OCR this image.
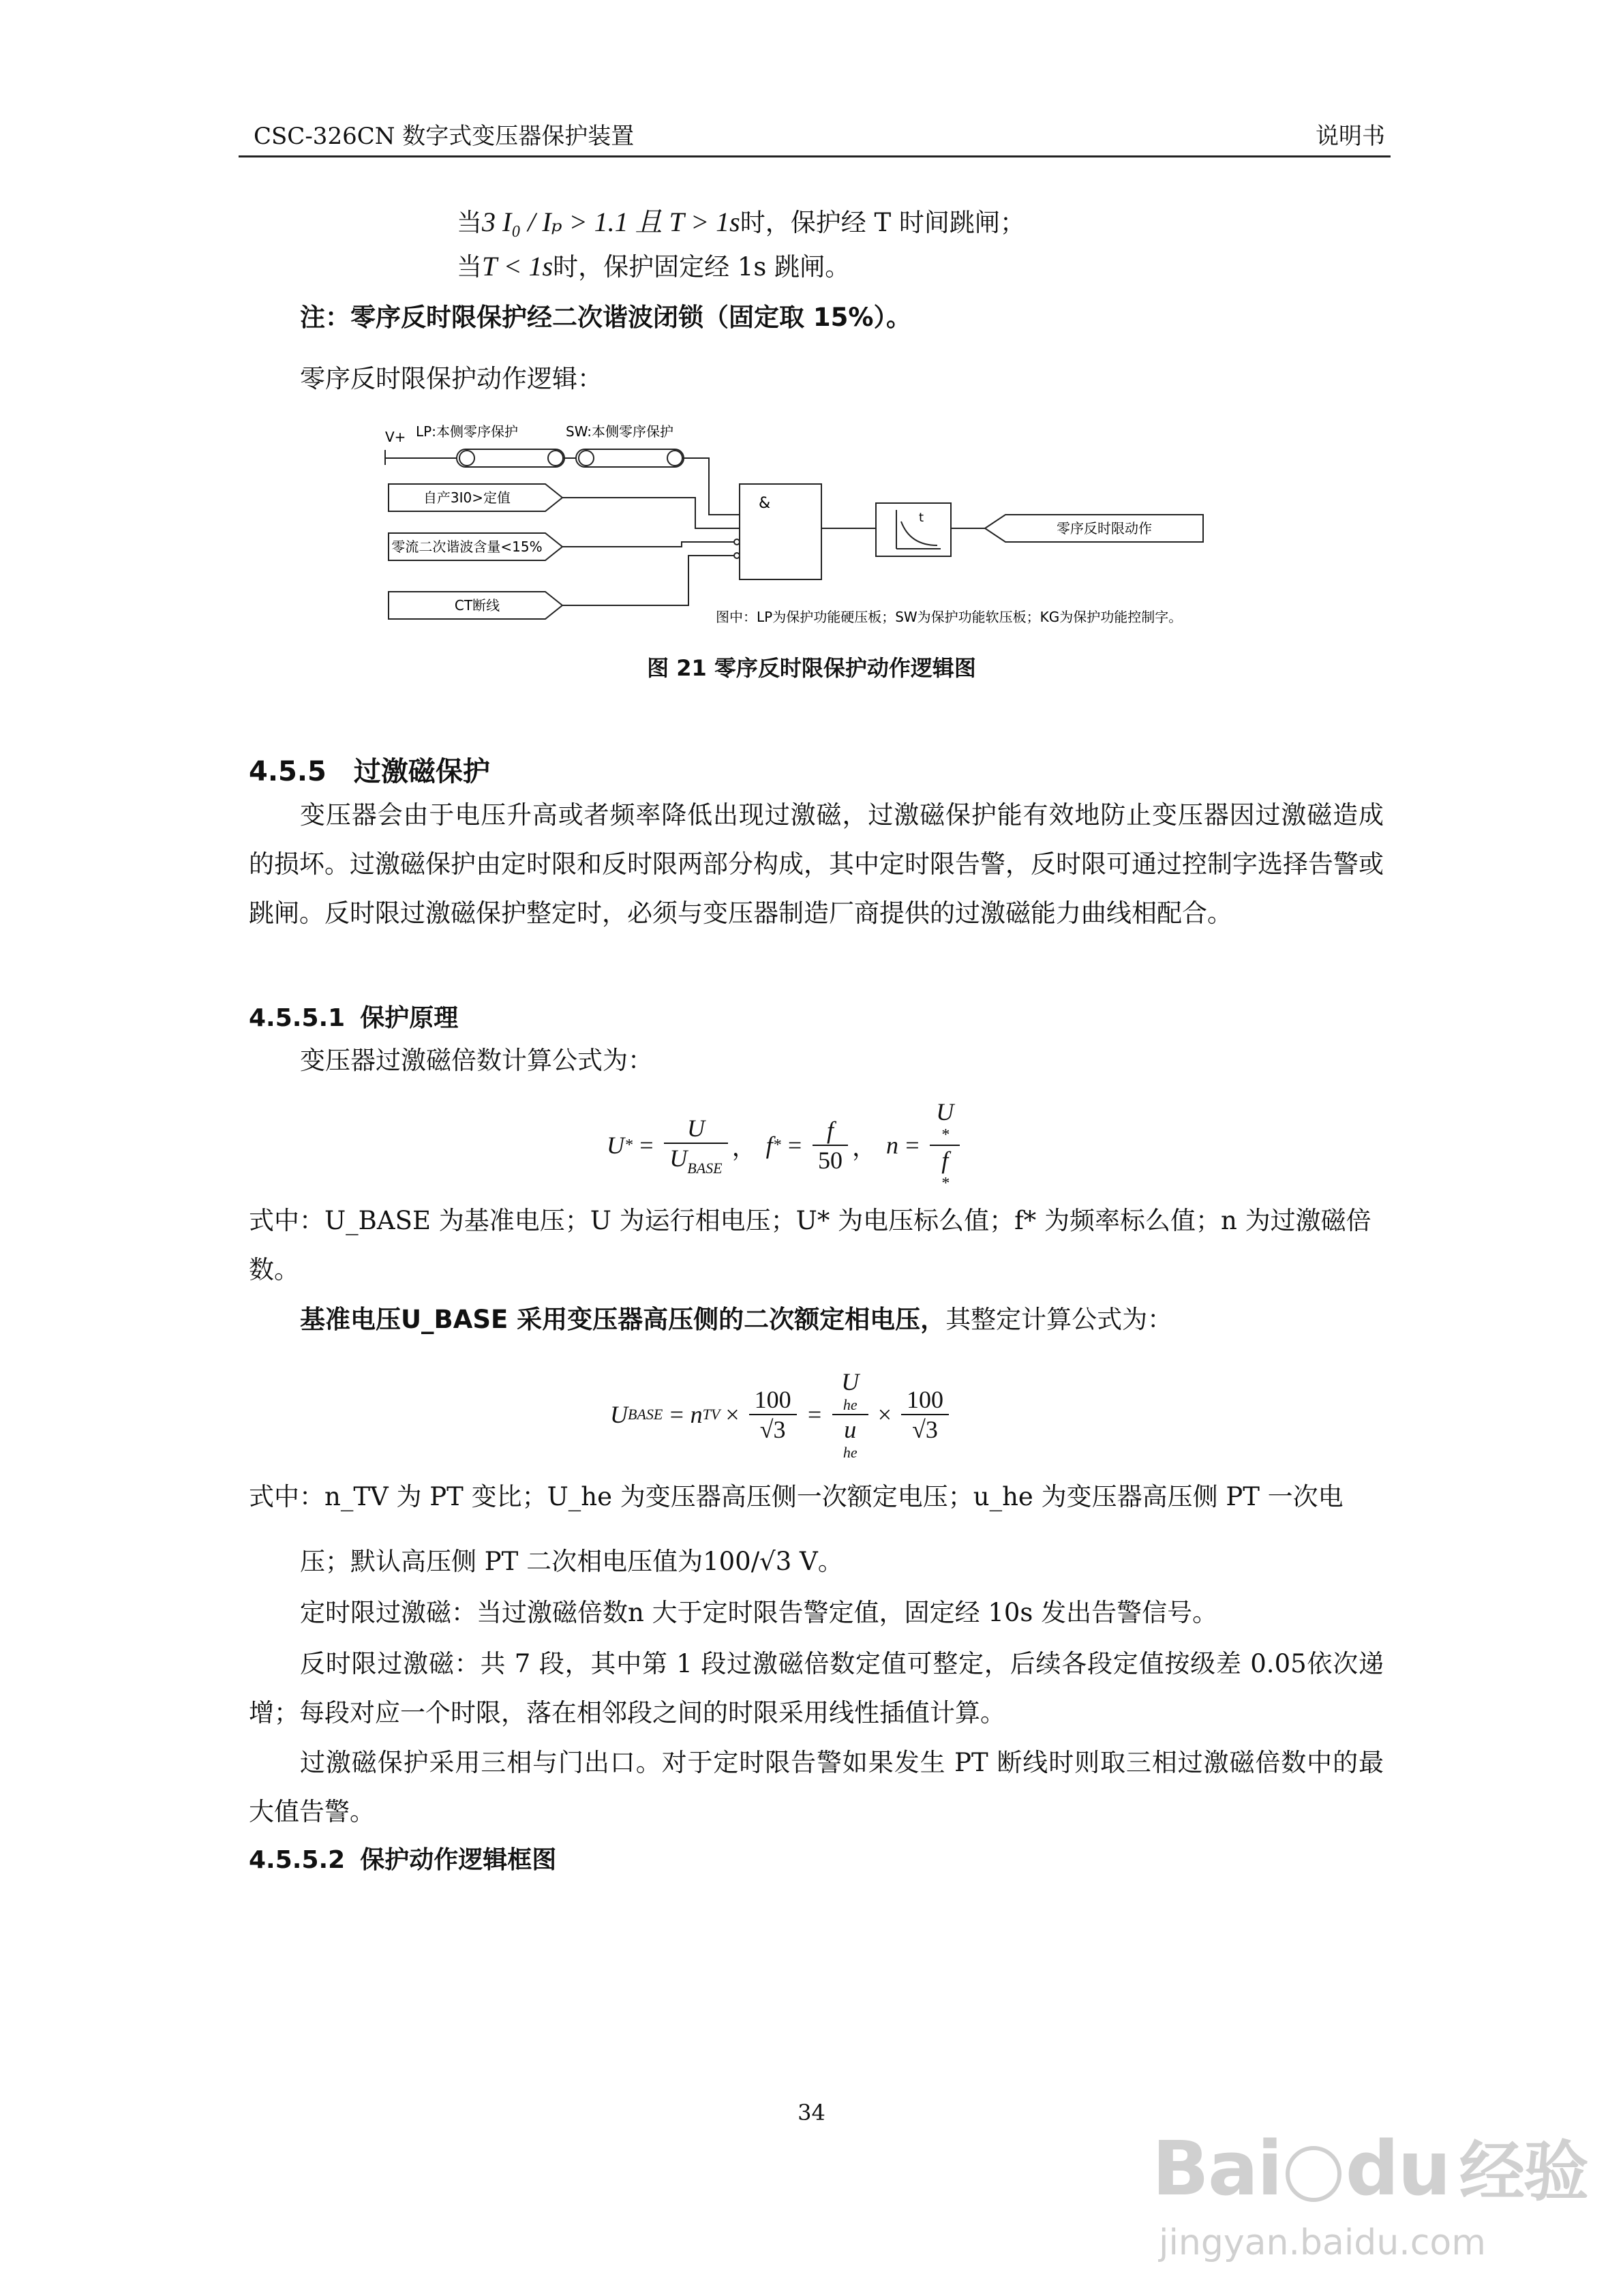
CSC-326CN 数字式变压器保护装置	说明书
当3 I₀ / Iₚ > 1.1 且 T > 1s时，保护经 T 时间跳闸；
当T < 1s时，保护固定经 1s 跳闸。
注：零序反时限保护经二次谐波闭锁（固定取 15%）。
零序反时限保护动作逻辑：
V+ LP:本侧零序保护	SW:本侧零序保护
自产3I0>定值
零流二次谐波含量<15%
CT断线
&
t
零序反时限动作
图中：LP为保护功能硬压板；SW为保护功能软压板；KG为保护功能控制字。
图 21 零序反时限保护动作逻辑图
4.5.5 过激磁保护
变压器会由于电压升高或者频率降低出现过激磁，过激磁保护能有效地防止变压器因过激磁造成的损坏。过激磁保护由定时限和反时限两部分构成，其中定时限告警，反时限可通过控制字选择告警或跳闸。反时限过激磁保护整定时，必须与变压器制造厂商提供的过激磁能力曲线相配合。
4.5.5.1 保护原理
变压器过激磁倍数计算公式为：
U * = $\frac{U}{U_{BASE}}$ ， f * = $\frac{f}{50}$ ， n = U
*
f
*
式中：U_BASE 为基准电压；U 为运行相电压；U* 为电压标么值；f* 为频率标么值；n 为过激磁倍数。
基准电压U_BASE 采用变压器高压侧的二次额定相电压，其整定计算公式为：
U BASE = n TV × $\frac{100}{√3} = U$
he
u
he × $\frac{100}{√3}$
式中：n_TV 为 PT 变比；U_he 为变压器高压侧一次额定电压；u_he 为变压器高压侧 PT 一次电
压；默认高压侧 PT 二次相电压值为100/√3 V。
定时限过激磁：当过激磁倍数n 大于定时限告警定值，固定经 10s 发出告警信号。
反时限过激磁：共 7 段，其中第 1 段过激磁倍数定值可整定，后续各段定值按级差 0.05依次递增；每段对应一个时限，落在相邻段之间的时限采用线性插值计算。
过激磁保护采用三相与门出口。对于定时限告警如果发生 PT 断线时则取三相过激磁倍数中的最大值告警。
4.5.5.2 保护动作逻辑框图
34
Bai du 经验
jingyan.baidu.com
